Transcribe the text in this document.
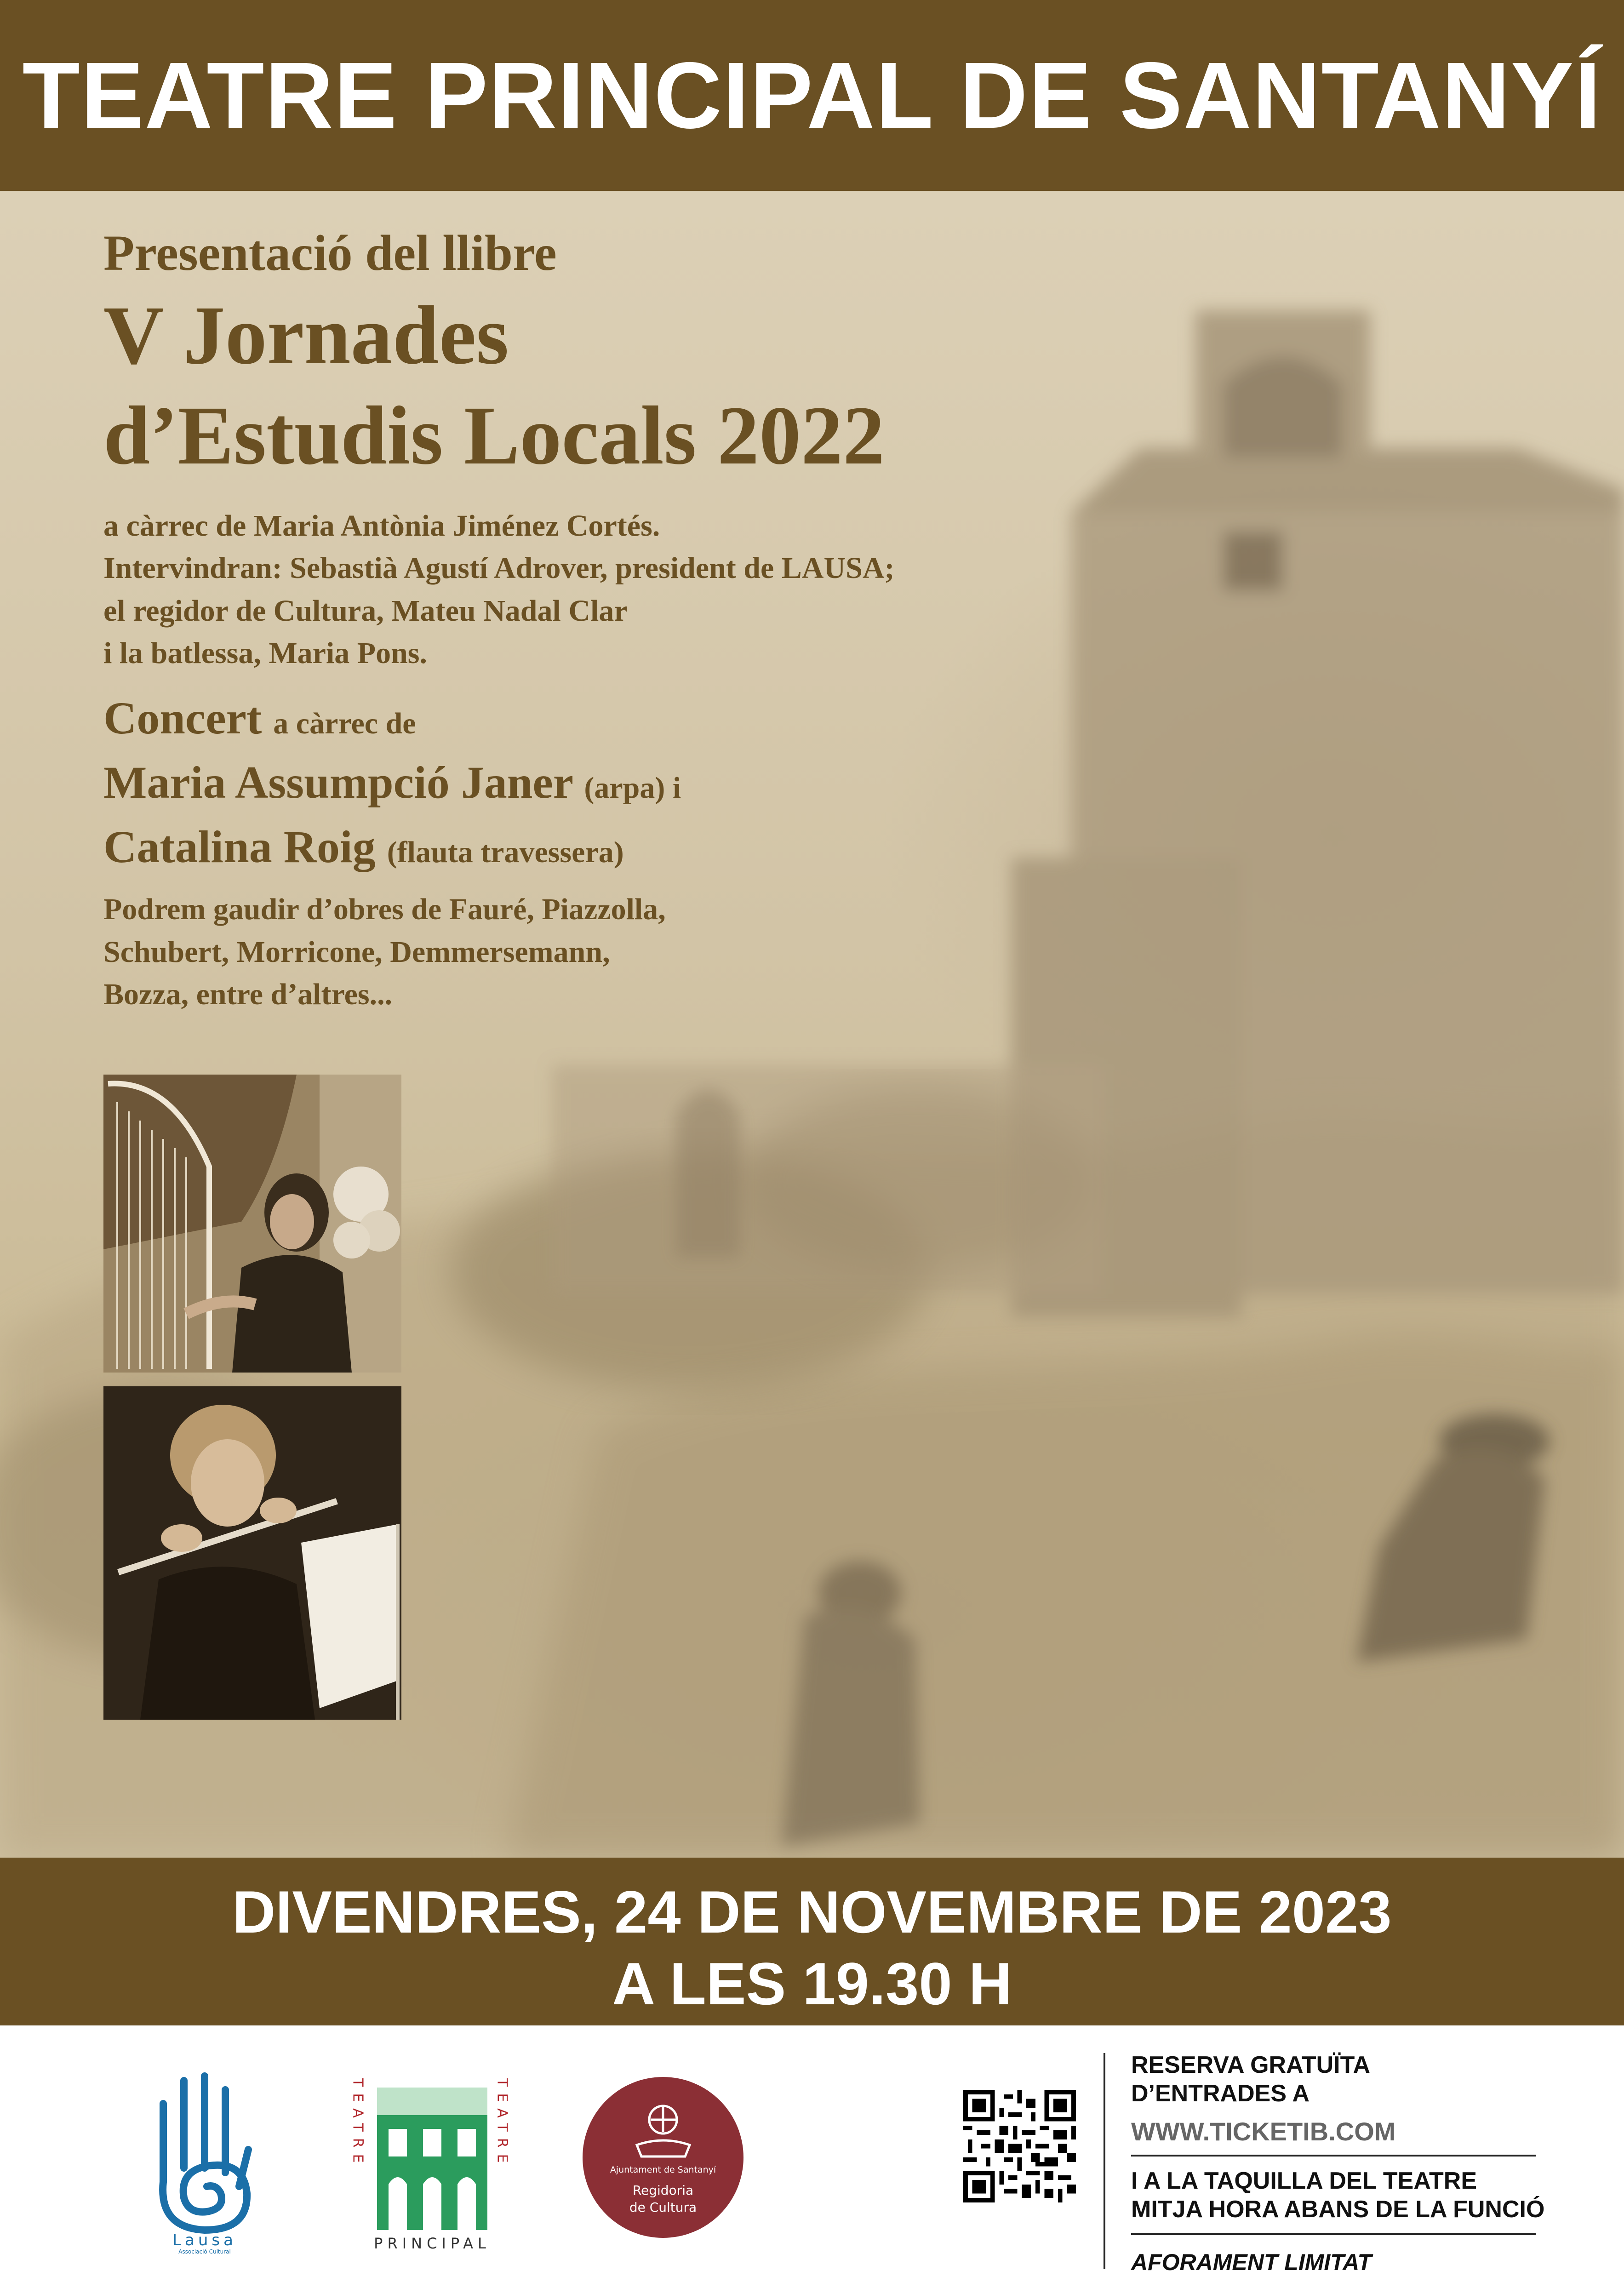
TEATRE PRINCIPAL DE SANTANYÍ
Presentació del llibre
V Jornades
d’Estudis Locals 2022
a càrrec de Maria Antònia Jiménez Cortés.
Intervindran: Sebastià Agustí Adrover, president de LAUSA;
el regidor de Cultura, Mateu Nadal Clar
i la batlessa, Maria Pons.
Concert a càrrec de
Maria Assumpció Janer (arpa) i
Catalina Roig (flauta travessera)
Podrem gaudir d’obres de Fauré, Piazzolla,
Schubert, Morricone, Demmersemann,
Bozza, entre d’altres...
DIVENDRES, 24 DE NOVEMBRE DE 2023
A LES 19.30 H
Lausa
Associació Cultural
TEATRE	TEATRE
PRINCIPAL
Ajuntament de Santanyí
Regidoria
de Cultura
RESERVA GRATUÏTA
D’ENTRADES A
WWW.TICKETIB.COM
I A LA TAQUILLA DEL TEATRE
MITJA HORA ABANS DE LA FUNCIÓ
AFORAMENT LIMITAT
